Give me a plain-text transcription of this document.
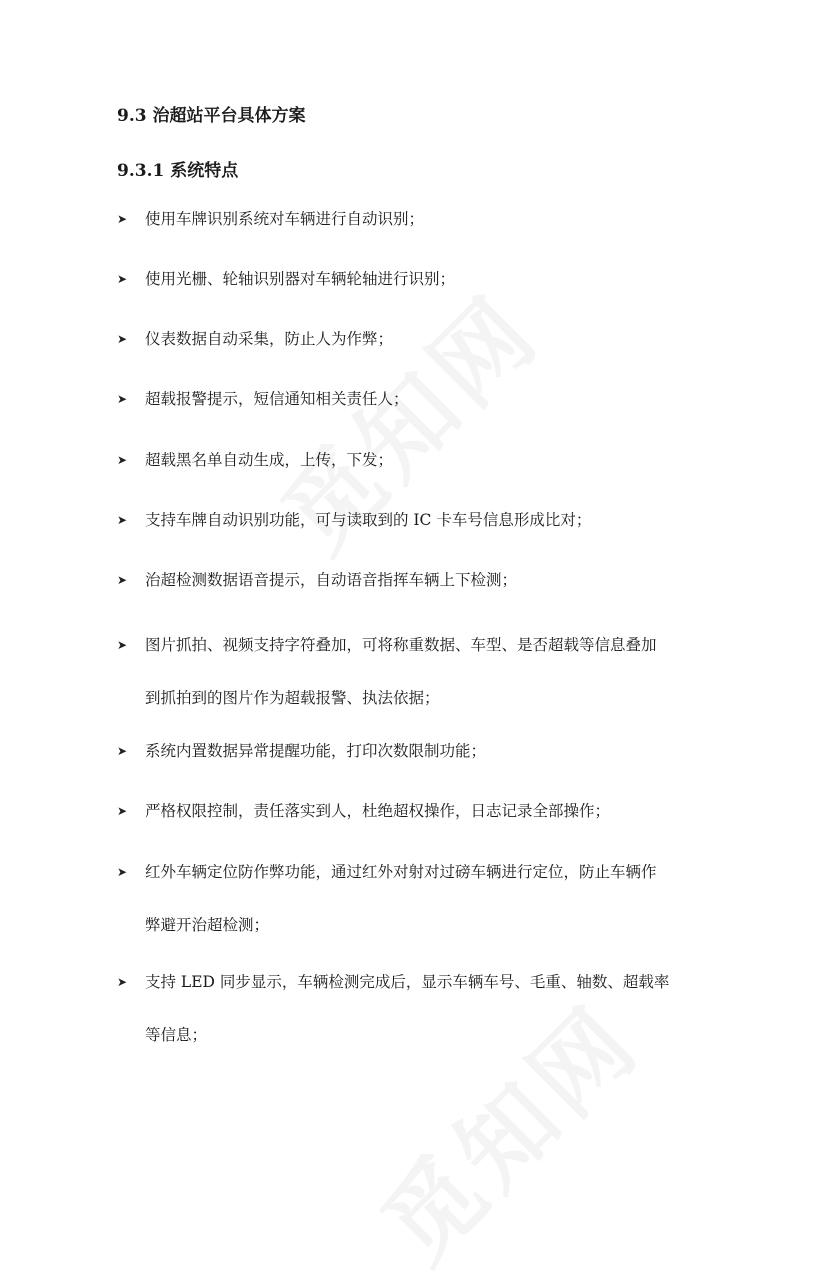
9.3 治超站平台具体方案
9.3.1 系统特点
➤ 使用车牌识别系统对车辆进行自动识别；
➤ 使用光栅、轮轴识别器对车辆轮轴进行识别；
➤ 仪表数据自动采集，防止人为作弊；
➤ 超载报警提示，短信通知相关责任人；
➤ 超载黑名单自动生成，上传，下发；
➤ 支持车牌自动识别功能，可与读取到的 IC 卡车号信息形成比对；
➤ 治超检测数据语音提示，自动语音指挥车辆上下检测；
➤ 图片抓拍、视频支持字符叠加，可将称重数据、车型、是否超载等信息叠加
到抓拍到的图片作为超载报警、执法依据；
➤ 系统内置数据异常提醒功能，打印次数限制功能；
➤ 严格权限控制，责任落实到人，杜绝超权操作，日志记录全部操作；
➤ 红外车辆定位防作弊功能，通过红外对射对过磅车辆进行定位，防止车辆作
弊避开治超检测；
➤ 支持 LED 同步显示，车辆检测完成后，显示车辆车号、毛重、轴数、超载率
等信息；
